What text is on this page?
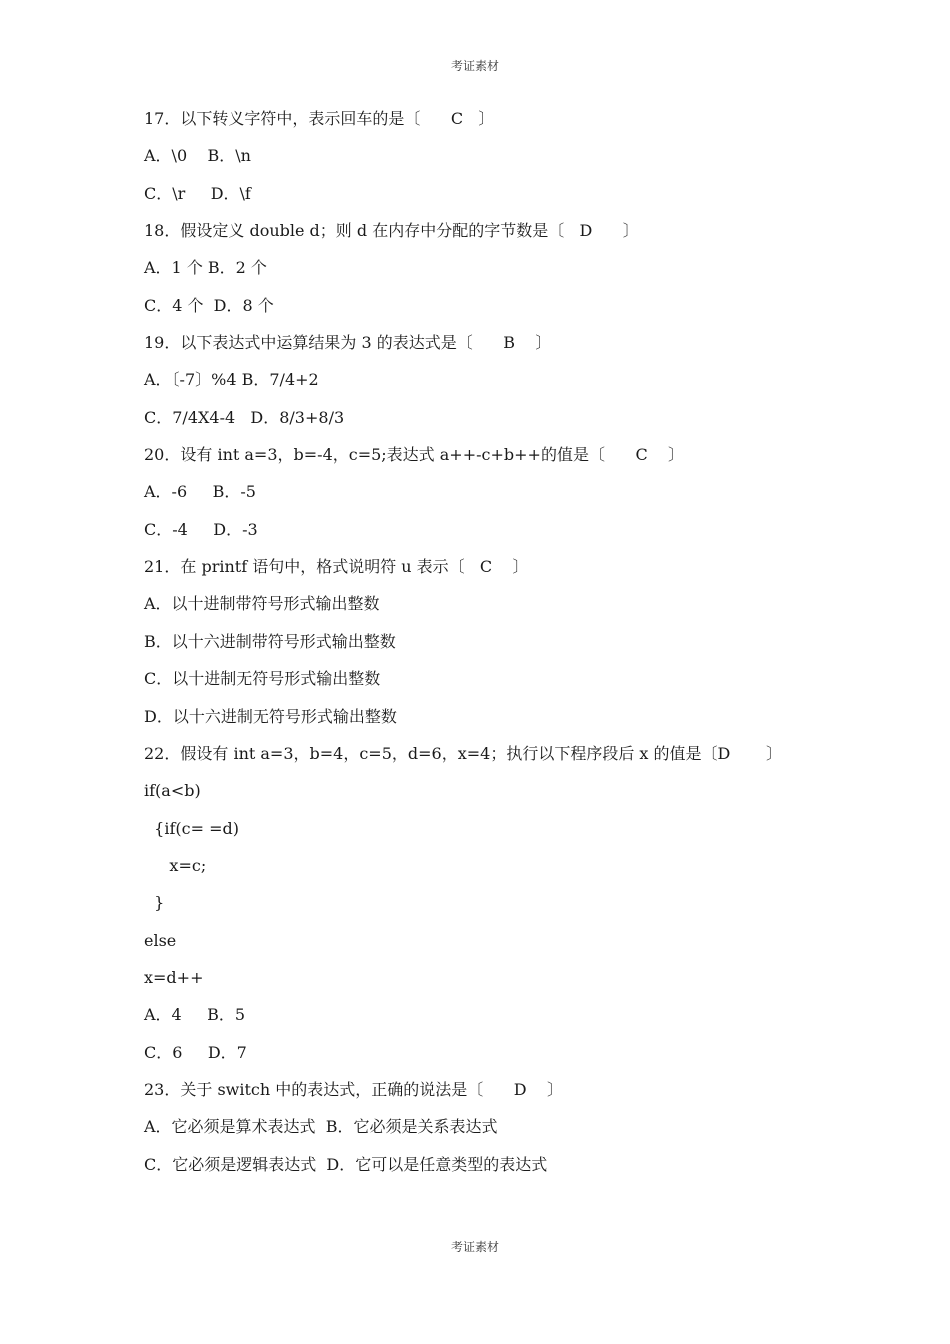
考证素材
17．以下转义字符中，表示回车的是〔      C   〕
A．\0    B．\n
C．\r     D．\f
18．假设定义 double d；则 d 在内存中分配的字节数是〔   D      〕
A．1 个 B．2 个
C．4 个  D．8 个
19．以下表达式中运算结果为 3 的表达式是〔      B    〕
A．〔-7〕%4 B．7/4+2
C．7/4X4-4   D．8/3+8/3
20．设有 int a=3，b=-4，c=5;表达式 a++-c+b++的值是〔      C    〕
A．-6     B．-5
C．-4     D．-3
21．在 printf 语句中，格式说明符 u 表示〔   C    〕
A．以十进制带符号形式输出整数
B．以十六进制带符号形式输出整数
C．以十进制无符号形式输出整数
D．以十六进制无符号形式输出整数
22．假设有 int a=3，b=4，c=5，d=6，x=4；执行以下程序段后 x 的值是〔D       〕
if(a<b)
{if(c= =d)
x=c;
}
else
x=d++
A．4     B．5
C．6     D．7
23．关于 switch 中的表达式，正确的说法是〔      D    〕
A．它必须是算术表达式  B．它必须是关系表达式
C．它必须是逻辑表达式  D．它可以是任意类型的表达式
考证素材
